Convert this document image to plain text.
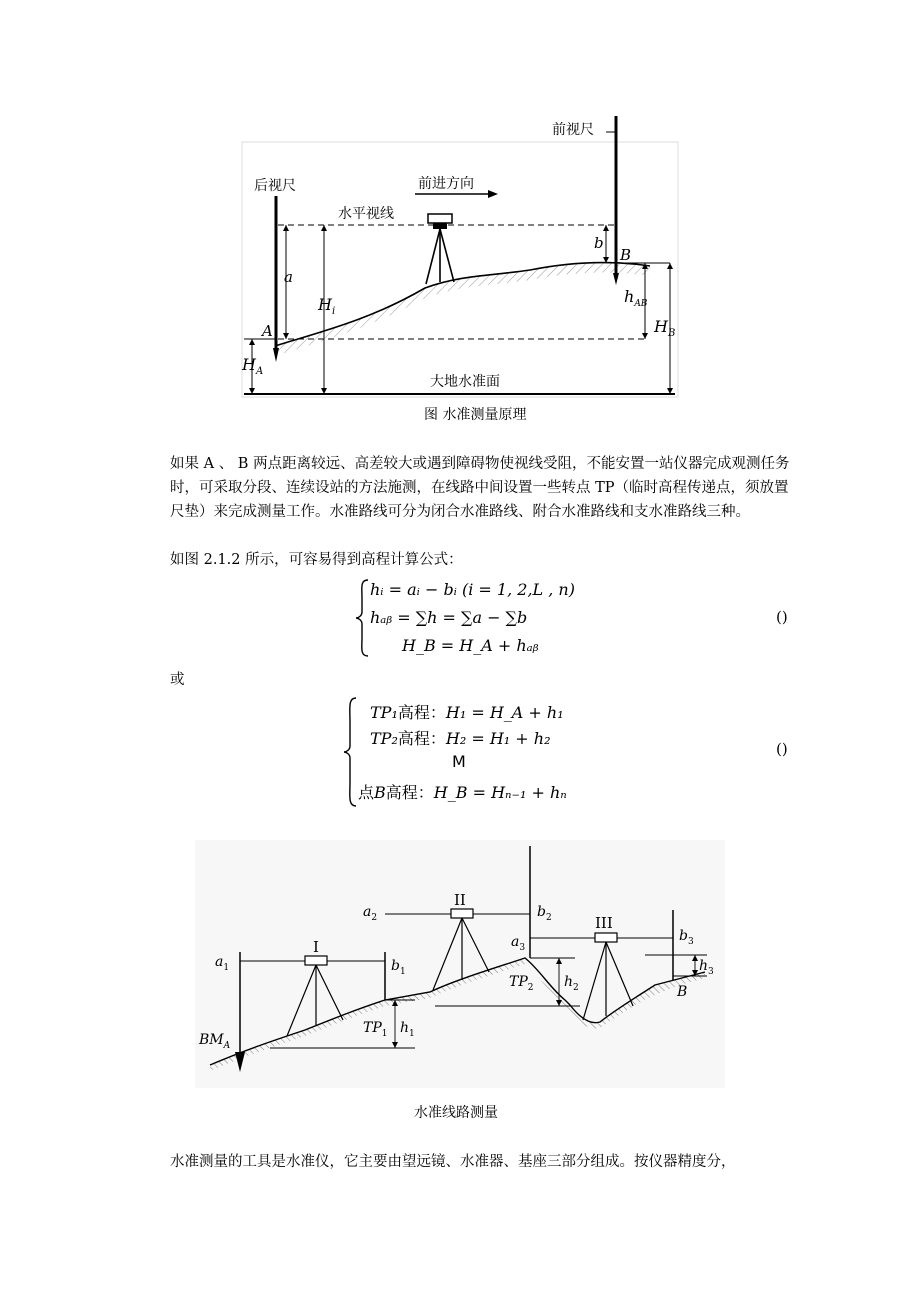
前视尺
后视尺	前进方向
水平视线
大地水准面
a
b
A
B
$H_i$
$H_A$
$H_B$
$h_{AB}$
图 水准测量原理

如果 A 、 B 两点距离较远、高差较大或遇到障碍物使视线受阻，不能安置一站仪器完成观测任务时，可采取分段、连续设站的方法施测，在线路中间设置一些转点 TP（临时高程传递点，须放置尺垫）来完成测量工作。水准路线可分为闭合水准路线、附合水准路线和支水准路线三种。

如图 2.1.2 所示，可容易得到高程计算公式：

hᵢ = aᵢ − bᵢ (i = 1, 2,L , n)
hₐᵦ = ∑h = ∑a − ∑b
H_B = H_A + hₐᵦ
()
或
TP₁高程：H₁ = H_A + h₁
TP₂高程：H₂ = H₁ + h₂
M
点B高程：H_B = Hₙ₋₁ + hₙ
()
$a_1$	$b_1$
$a_2$	$b_2$
$a_3$
$b_3$
I
II
III
$BM_A$
$TP_1$
$TP_2$
$h_1$
$h_2$
$h_3$
B
水准线路测量

水准测量的工具是水准仪，它主要由望远镜、水准器、基座三部分组成。按仪器精度分，
